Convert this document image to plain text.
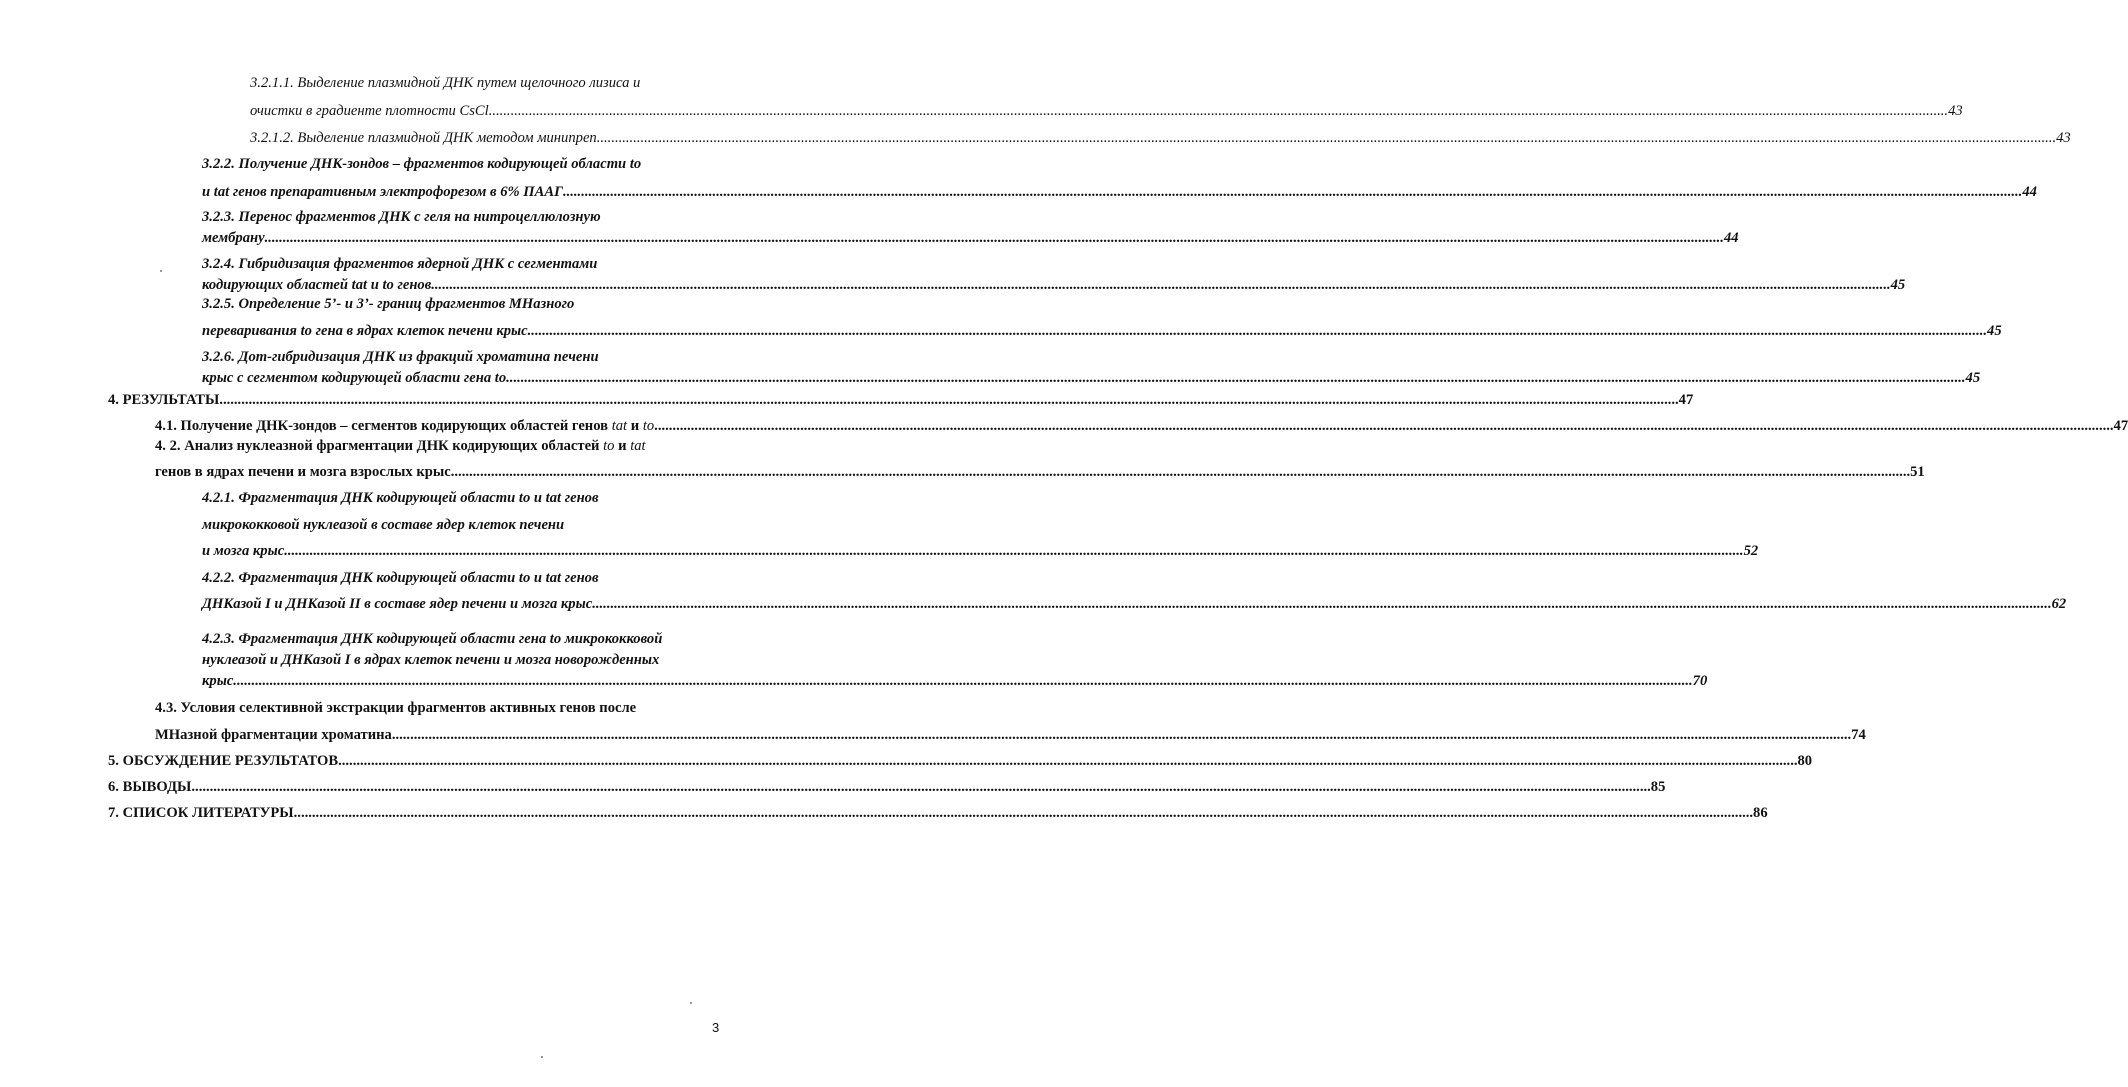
3.2.1.1. Выделение плазмидной ДНК путем щелочного лизиса и

очистки в градиенте плотности CsCl ................................................................................................................................................................................................................................................................................................................................................................................................................ 43

3.2.1.2. Выделение плазмидной ДНК методом минипреп ................................................................................................................................................................................................................................................................................................................................................................................................................ 43

3.2.2. Получение ДНК-зондов – фрагментов кодирующей области to

и tat генов препаративным электрофорезом в 6% ПААГ ................................................................................................................................................................................................................................................................................................................................................................................................................ 44

3.2.3. Перенос фрагментов ДНК с геля на нитроцеллюлозную

мембрану ................................................................................................................................................................................................................................................................................................................................................................................................................ 44

3.2.4. Гибридизация фрагментов ядерной ДНК с сегментами

кодирующих областей tat и to генов ................................................................................................................................................................................................................................................................................................................................................................................................................ 45

3.2.5. Определение 5’- и 3’- границ фрагментов МНазного

переваривания to гена в ядрах клеток печени крыс ................................................................................................................................................................................................................................................................................................................................................................................................................ 45

3.2.6. Дот-гибридизация ДНК из фракций хроматина печени

крыс с сегментом кодирующей области гена to ................................................................................................................................................................................................................................................................................................................................................................................................................ 45

4. РЕЗУЛЬТАТЫ ................................................................................................................................................................................................................................................................................................................................................................................................................ 47

4.1. Получение ДНК-зондов – сегментов кодирующих областей генов tat и to ................................................................................................................................................................................................................................................................................................................................................................................................................ 47

4. 2. Анализ нуклеазной фрагментации ДНК кодирующих областей to и tat

генов в ядрах печени и мозга взрослых крыс ................................................................................................................................................................................................................................................................................................................................................................................................................ 51

4.2.1. Фрагментация ДНК кодирующей области to и tat генов

микрококковой нуклеазой в составе ядер клеток печени

и мозга крыс ................................................................................................................................................................................................................................................................................................................................................................................................................ 52

4.2.2. Фрагментация ДНК кодирующей области to и tat генов

ДНКазой I и ДНКазой II в составе ядер печени и мозга крыс ................................................................................................................................................................................................................................................................................................................................................................................................................ 62

4.2.3. Фрагментация ДНК кодирующей области гена to микрококковой

нуклеазой и ДНКазой I в ядрах клеток печени и мозга новорожденных

крыс ................................................................................................................................................................................................................................................................................................................................................................................................................ 70

4.3. Условия селективной экстракции фрагментов активных генов после

МНазной фрагментации хроматина ................................................................................................................................................................................................................................................................................................................................................................................................................ 74

5. ОБСУЖДЕНИЕ РЕЗУЛЬТАТОВ ................................................................................................................................................................................................................................................................................................................................................................................................................ 80

6. ВЫВОДЫ ................................................................................................................................................................................................................................................................................................................................................................................................................ 85

7. СПИСОК ЛИТЕРАТУРЫ ................................................................................................................................................................................................................................................................................................................................................................................................................ 86

3
